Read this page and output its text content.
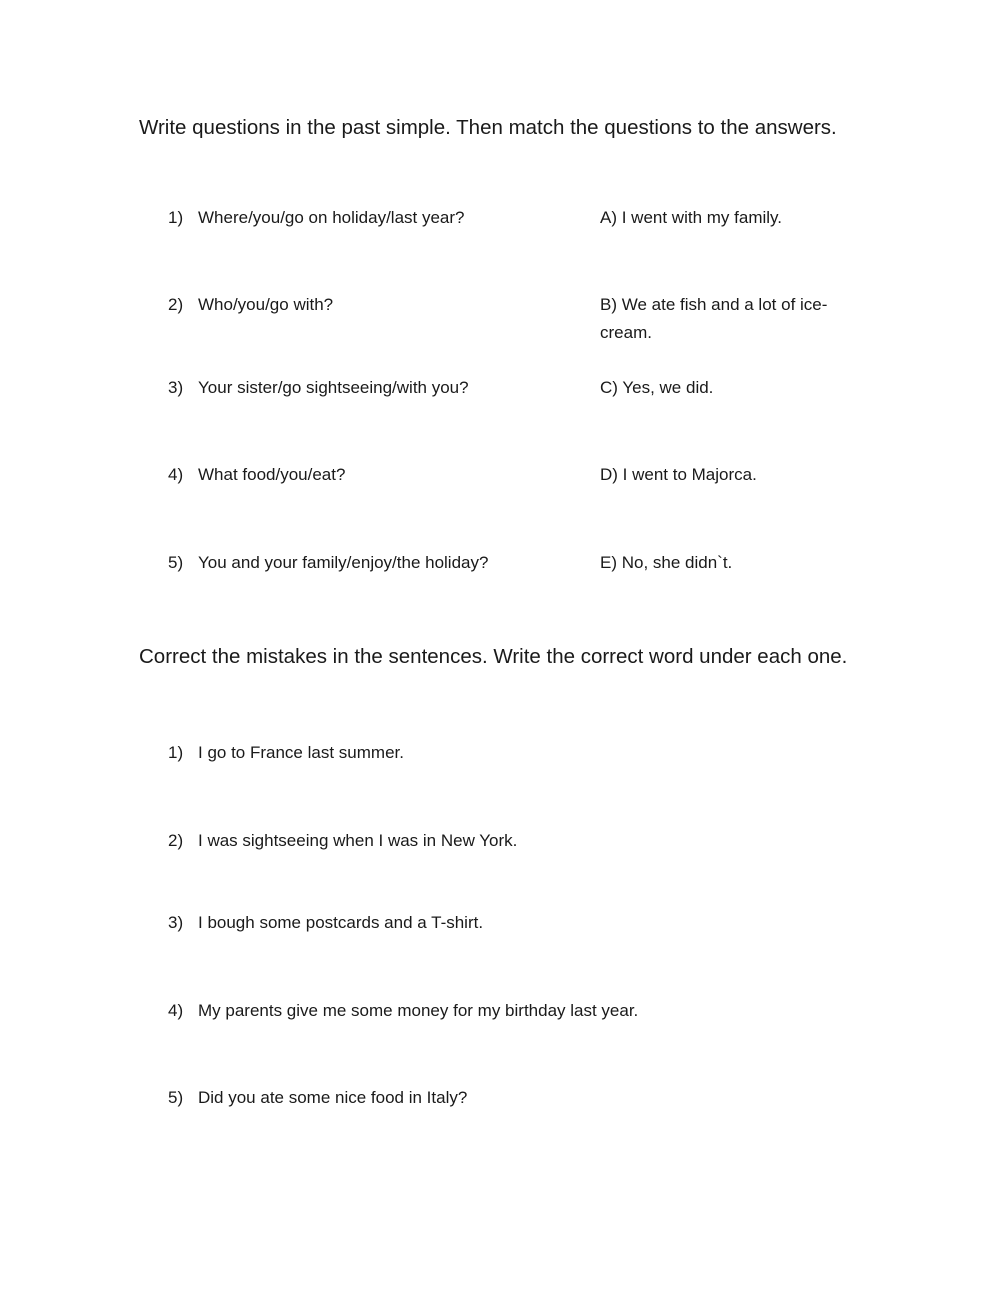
Write questions in the past simple. Then match the questions to the answers.
1) Where/you/go on holiday/last year?
2) Who/you/go with?
3) Your sister/go sightseeing/with you?
4) What food/you/eat?
5) You and your family/enjoy/the holiday?
A) I went with my family.
B) We ate fish and a lot of ice-
cream.
C) Yes, we did.
D) I went to Majorca.
E) No, she didn`t.
Correct the mistakes in the sentences. Write the correct word under each one.
1) I go to France last summer.
2) I was sightseeing when I was in New York.
3) I bough some postcards and a T-shirt.
4) My parents give me some money for my birthday last year.
5) Did you ate some nice food in Italy?
